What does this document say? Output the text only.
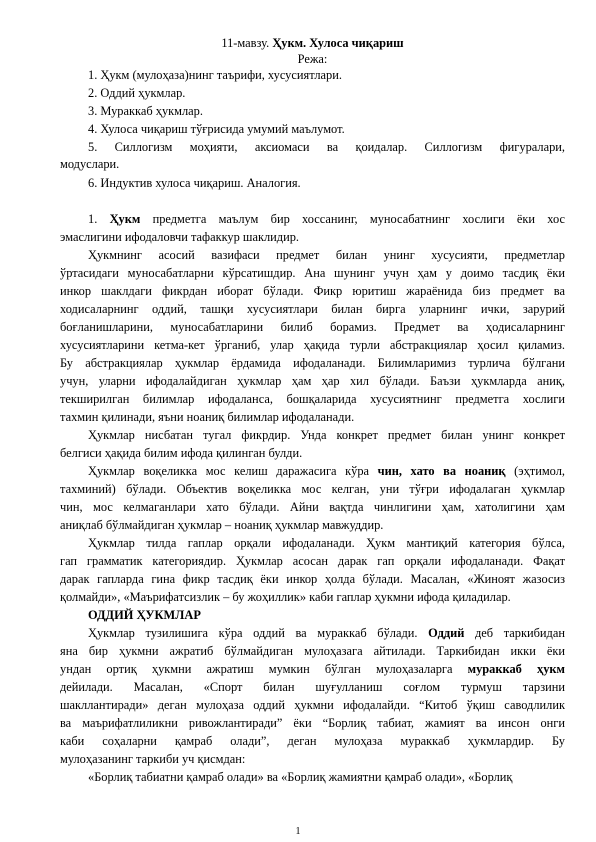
11-мавзу. Ҳукм. Хулоса чиқариш
Режа:
1. Ҳукм (мулоҳаза)нинг таърифи, хусусиятлари.
2. Оддий ҳукмлар.
3. Мураккаб ҳукмлар.
4. Хулоса чиқариш тўғрисида умумий маълумот.
5. Силлогизм моҳияти, аксиомаси ва қоидалар. Силлогизм фигуралари,
модуслари.
6. Индуктив хулоса чиқариш. Аналогия.
1. Ҳукм предметга маълум бир хоссанинг, муносабатнинг хослиги ёки хос
эмаслигини ифодаловчи тафаккур шаклидир.
Ҳукмнинг асосий вазифаси предмет билан унинг хусусияти, предметлар
ўртасидаги муносабатларни кўрсатишдир. Ана шунинг учун ҳам у доимо тасдиқ ёки
инкор шаклдаги фикрдан иборат бўлади. Фикр юритиш жараёнида биз предмет ва
ходисаларнинг оддий, ташқи хусусиятлари билан бирга уларнинг ички, зарурий
боғланишларини, муносабатларини билиб борамиз. Предмет ва ҳодисаларнинг
хусусиятларини кетма-кет ўрганиб, улар ҳақида турли абстракциялар ҳосил қиламиз.
Бу абстракциялар ҳукмлар ёрдамида ифодаланади. Билимларимиз турлича бўлгани
учун, уларни ифодалайдиган ҳукмлар ҳам ҳар хил бўлади. Баъзи ҳукмларда аниқ,
текширилган билимлар ифодаланса, бошқаларида хусусиятнинг предметга хослиги
тахмин қилинади, яъни ноаниқ билимлар ифодаланади.
Ҳукмлар нисбатан тугал фикрдир. Унда конкрет предмет билан унинг конкрет
белгиси ҳақида билим ифода қилинган булди.
Ҳукмлар воқеликка мос келиш даражасига кўра чин, хато ва ноаниқ (эҳтимол,
тахминий) бўлади. Объектив воқеликка мос келган, уни тўғри ифодалаган ҳукмлар
чин, мос келмаганлари хато бўлади. Айни вақтда чинлигини ҳам, хатолигини ҳам
аниқлаб бўлмайдиган ҳукмлар – ноаниқ ҳукмлар мавжуддир.
Ҳукмлар тилда гаплар орқали ифодаланади. Ҳукм мантиқий категория бўлса,
гап грамматик категориядир. Ҳукмлар асосан дарак гап орқали ифодаланади. Фақат
дарак гапларда гина фикр тасдиқ ёки инкор ҳолда бўлади. Масалан, «Жиноят жазосиз
қолмайди», «Маърифатсизлик – бу жоҳиллик» каби гаплар ҳукмни ифода қиладилар.
ОДДИЙ ҲУКМЛАР
Ҳукмлар тузилишига кўра оддий ва мураккаб бўлади. Оддий деб таркибидан
яна бир ҳукмни ажратиб бўлмайдиган мулоҳазага айтилади. Таркибидан икки ёки
ундан ортиқ ҳукмни ажратиш мумкин бўлган мулоҳазаларга мураккаб ҳукм
дейилади. Масалан, «Спорт билан шуғулланиш соғлом турмуш тарзини
шакллантиради» деган мулоҳаза оддий ҳукмни ифодалайди. “Китоб ўқиш саводлилик
ва маърифатлиликни ривожлантиради” ёки “Борлиқ табиат, жамият ва инсон онги
каби соҳаларни қамраб олади”, деган мулоҳаза мураккаб ҳукмлардир. Бу
мулоҳазанинг таркиби уч қисмдан:
«Борлиқ табиатни қамраб олади» ва «Борлиқ жамиятни қамраб олади», «Борлиқ
1
